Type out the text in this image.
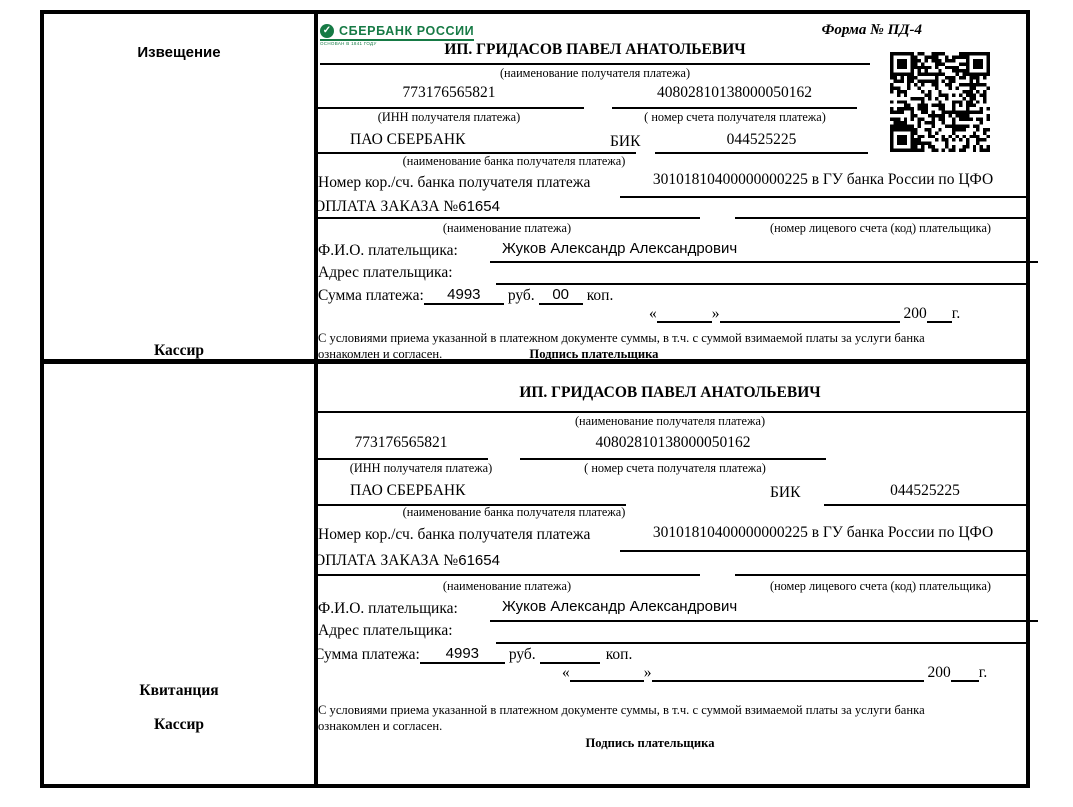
Извещение
Кассир
✓ СБЕРБАНК РОССИИ
ОСНОВАН В 1841 ГОДУ
Форма № ПД-4
ИП. ГРИДАСОВ ПАВЕЛ АНАТОЛЬЕВИЧ
(наименование получателя платежа)
773176565821	40802810138000050162
(ИНН получателя платежа)	( номер счета получателя платежа)
ПАО СБЕРБАНК	БИК	044525225
(наименование банка получателя платежа)
Номер кор./сч. банка получателя платежа	30101810400000000225 в ГУ банка России по ЦФО
ОПЛАТА ЗАКАЗА №61654
(наименование платежа)	(номер лицевого счета (код) плательщика)
Ф.И.О. плательщика:	Жуков Александр Александрович
Адрес плательщика:
Сумма платежа:	4993	руб.	00	коп.
«	»	200 г.
С условиями приема указанной в платежном документе суммы, в т.ч. с суммой взимаемой платы за услуги банка
ознакомлен и согласен.	Подпись плательщика
Квитанция
Кассир
ИП. ГРИДАСОВ ПАВЕЛ АНАТОЛЬЕВИЧ
(наименование получателя платежа)
773176565821	40802810138000050162
(ИНН получателя платежа)	( номер счета получателя платежа)
ПАО СБЕРБАНК	БИК	044525225
(наименование банка получателя платежа)
Номер кор./сч. банка получателя платежа	30101810400000000225 в ГУ банка России по ЦФО
ОПЛАТА ЗАКАЗА №61654
(наименование платежа)	(номер лицевого счета (код) плательщика)
Ф.И.О. плательщика:	Жуков Александр Александрович
Адрес плательщика:
Сумма платежа:	4993	руб.	коп.
«	»	200 г.
С условиями приема указанной в платежном документе суммы, в т.ч. с суммой взимаемой платы за услуги банка
ознакомлен и согласен.
Подпись плательщика
